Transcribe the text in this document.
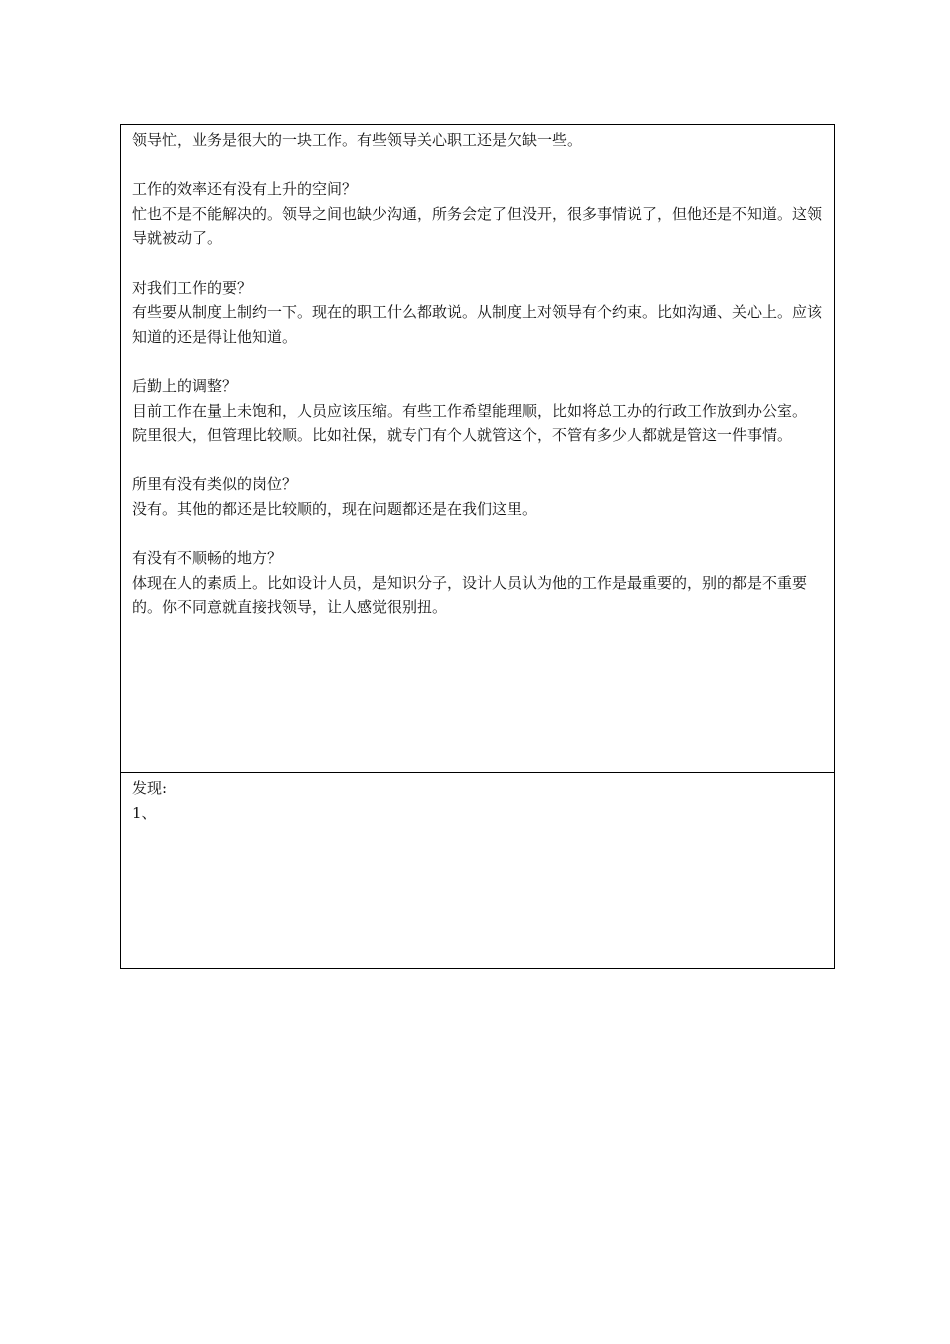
领导忙，业务是很大的一块工作。有些领导关心职工还是欠缺一些。
工作的效率还有没有上升的空间？
忙也不是不能解决的。领导之间也缺少沟通，所务会定了但没开，很多事情说了，但他还是不知道。这领导就被动了。
对我们工作的要？
有些要从制度上制约一下。现在的职工什么都敢说。从制度上对领导有个约束。比如沟通、关心上。应该知道的还是得让他知道。
后勤上的调整？
目前工作在量上未饱和，人员应该压缩。有些工作希望能理顺，比如将总工办的行政工作放到办公室。
院里很大，但管理比较顺。比如社保，就专门有个人就管这个，不管有多少人都就是管这一件事情。
所里有没有类似的岗位？
没有。其他的都还是比较顺的，现在问题都还是在我们这里。
有没有不顺畅的地方？
体现在人的素质上。比如设计人员，是知识分子，设计人员认为他的工作是最重要的，别的都是不重要的。你不同意就直接找领导，让人感觉很别扭。
发现:
1、
